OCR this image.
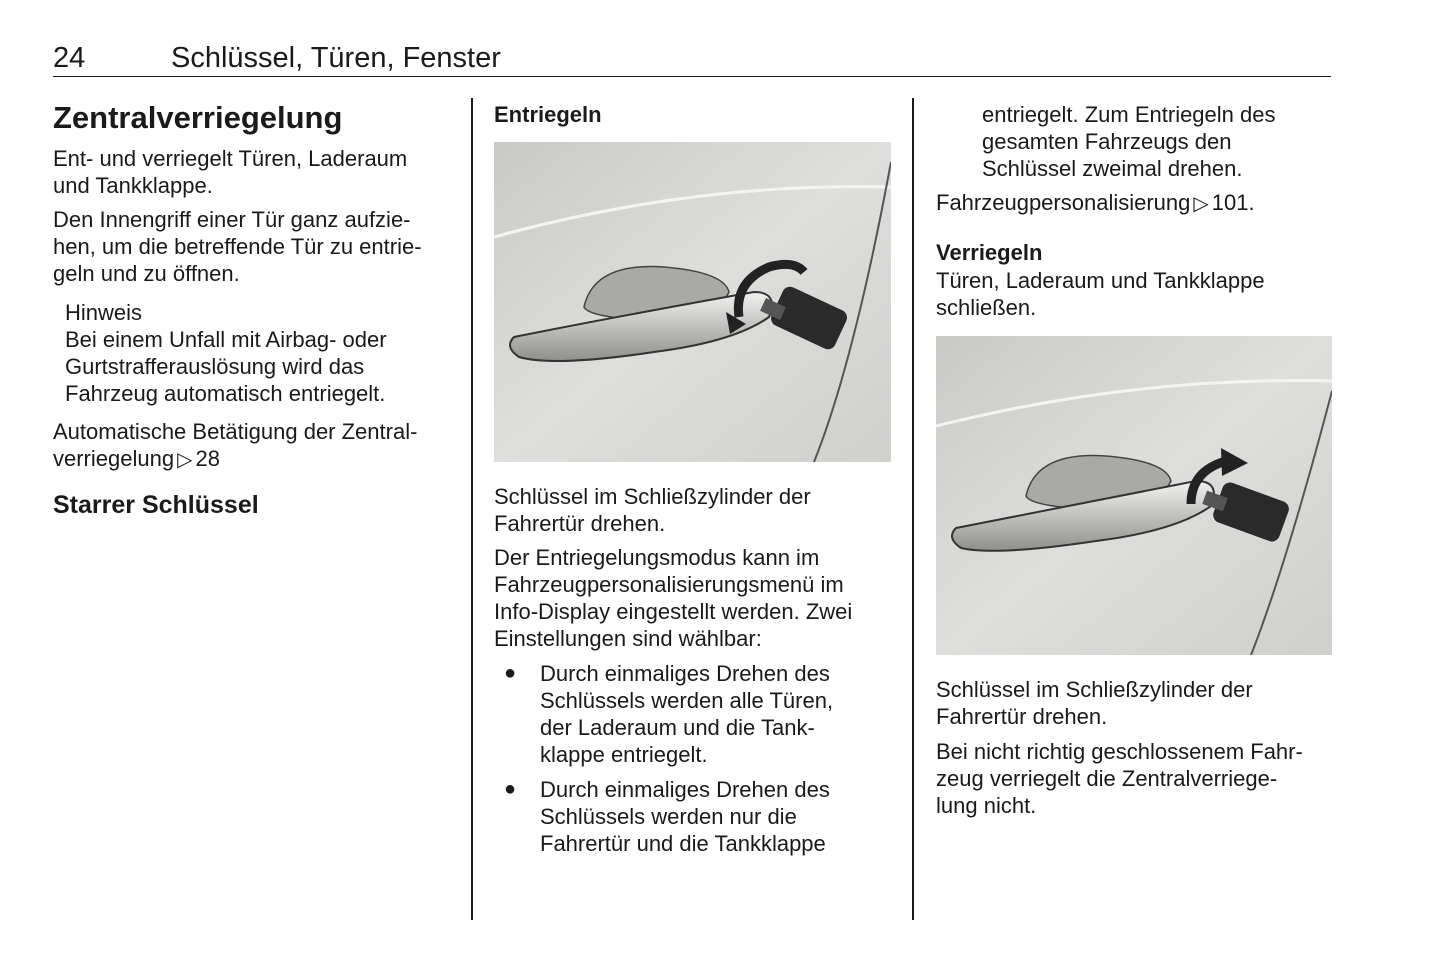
24	Schlüssel, Türen, Fenster
Zentralverriegelung

Ent- und verriegelt Türen, Laderaum

und Tankklappe.

Den Innengriff einer Tür ganz aufzie-

hen, um die betreffende Tür zu entrie-

geln und zu öffnen.

Hinweis

Bei einem Unfall mit Airbag- oder

Gurtstrafferauslösung wird das

Fahrzeug automatisch entriegelt.

Automatische Betätigung der Zentral-

verriegelung ▷ 28

Starrer Schlüssel
Entriegeln

Schlüssel im Schließzylinder der

Fahrertür drehen.

Der Entriegelungsmodus kann im

Fahrzeugpersonalisierungsmenü im

Info-Display eingestellt werden. Zwei

Einstellungen sind wählbar:

● Durch einmaliges Drehen des

Schlüssels werden alle Türen,

der Laderaum und die Tank-

klappe entriegelt.

● Durch einmaliges Drehen des

Schlüssels werden nur die

Fahrertür und die Tankklappe

entriegelt. Zum Entriegeln des

gesamten Fahrzeugs den

Schlüssel zweimal drehen.

Fahrzeugpersonalisierung ▷ 101.

Verriegeln

Türen, Laderaum und Tankklappe

schließen.

Schlüssel im Schließzylinder der

Fahrertür drehen.

Bei nicht richtig geschlossenem Fahr-

zeug verriegelt die Zentralverriege-

lung nicht.
